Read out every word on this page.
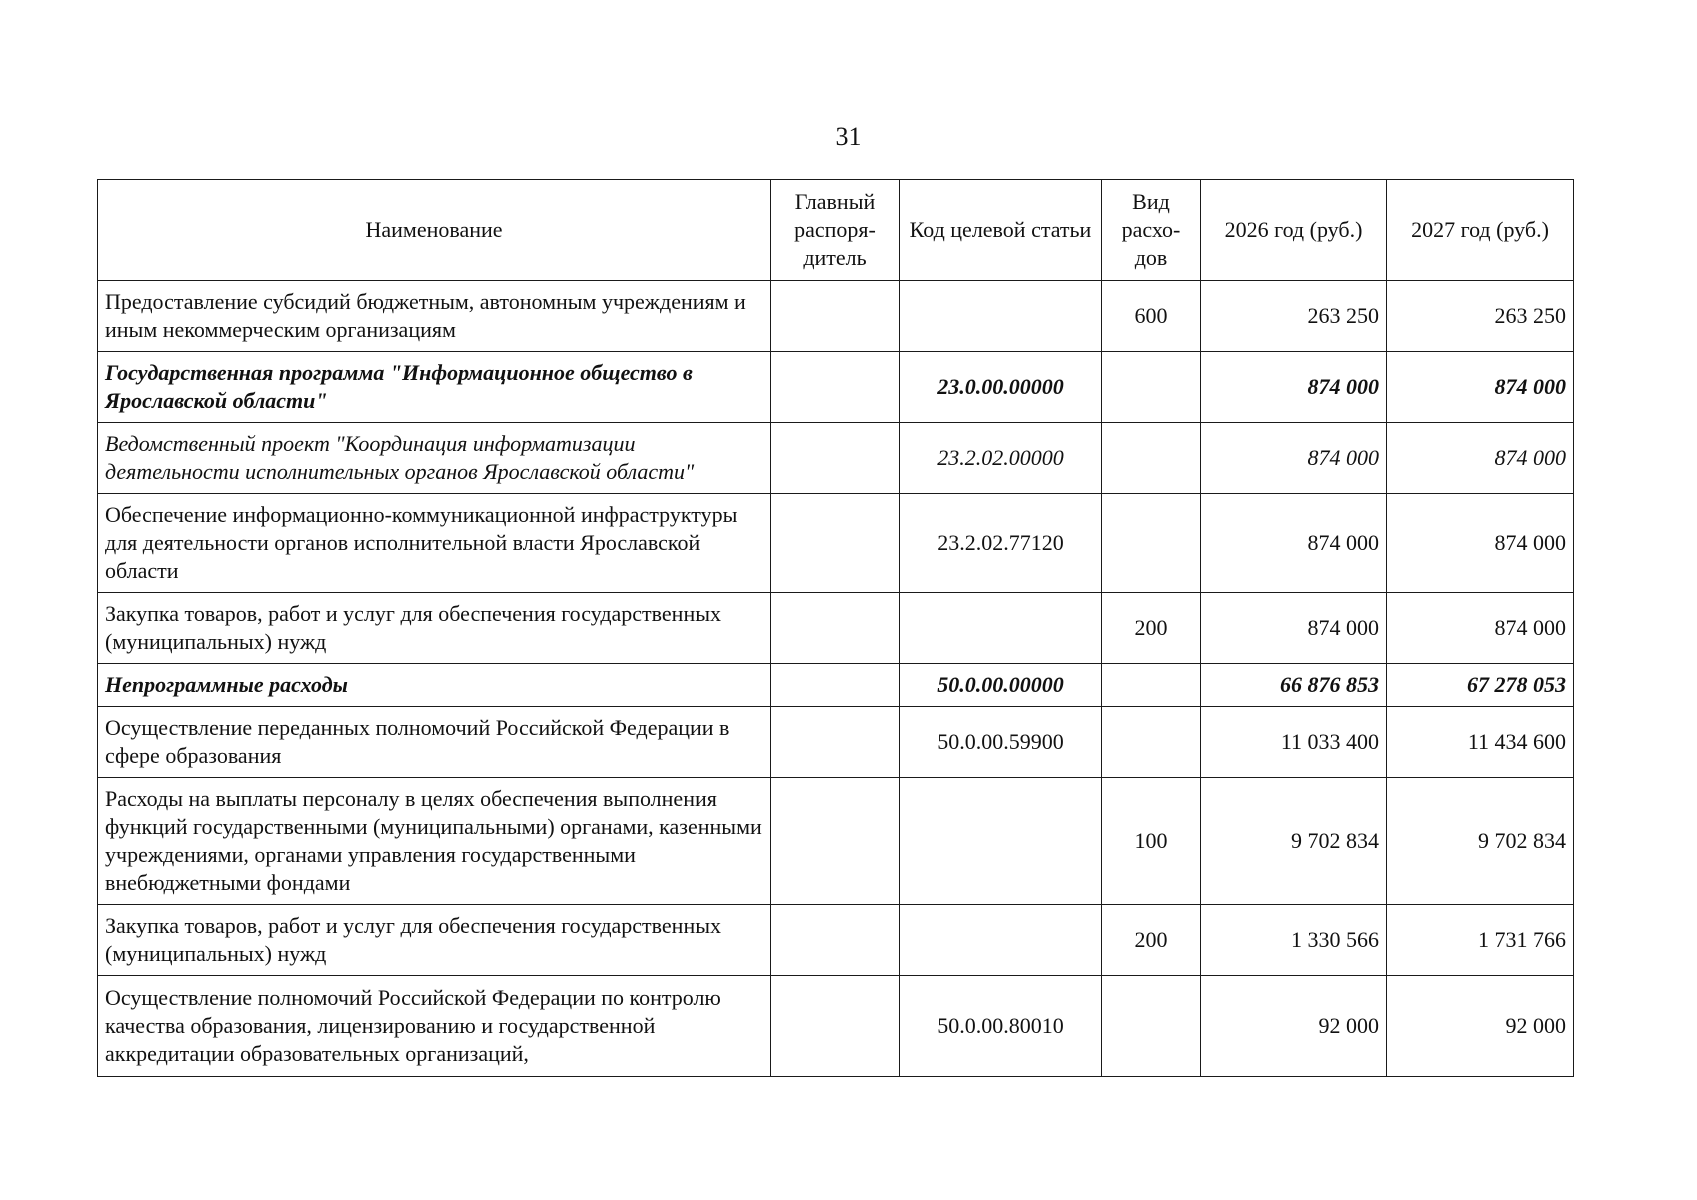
31
Наименование	Главный распоря-дитель	Код целевой статьи	Вид расхо-дов	2026 год (руб.)	2027 год (руб.)
Предоставление субсидий бюджетным, автономным учреждениям и иным некоммерческим организациям			600	263 250	263 250
Государственная программа "Информационное общество в Ярославской области"		23.0.00.00000		874 000	874 000
Ведомственный проект "Координация информатизации деятельности исполнительных органов Ярославской области"		23.2.02.00000		874 000	874 000
Обеспечение информационно-коммуникационной инфраструктуры для деятельности органов исполнительной власти Ярославской области		23.2.02.77120		874 000	874 000
Закупка товаров, работ и услуг для обеспечения государственных (муниципальных) нужд			200	874 000	874 000
Непрограммные расходы		50.0.00.00000		66 876 853	67 278 053
Осуществление переданных полномочий Российской Федерации в сфере образования		50.0.00.59900		11 033 400	11 434 600
Расходы на выплаты персоналу в целях обеспечения выполнения функций государственными (муниципальными) органами, казенными учреждениями, органами управления государственными внебюджетными фондами			100	9 702 834	9 702 834
Закупка товаров, работ и услуг для обеспечения государственных (муниципальных) нужд			200	1 330 566	1 731 766
Осуществление полномочий Российской Федерации по контролю качества образования, лицензированию и государственной аккредитации образовательных организаций,		50.0.00.80010		92 000	92 000
